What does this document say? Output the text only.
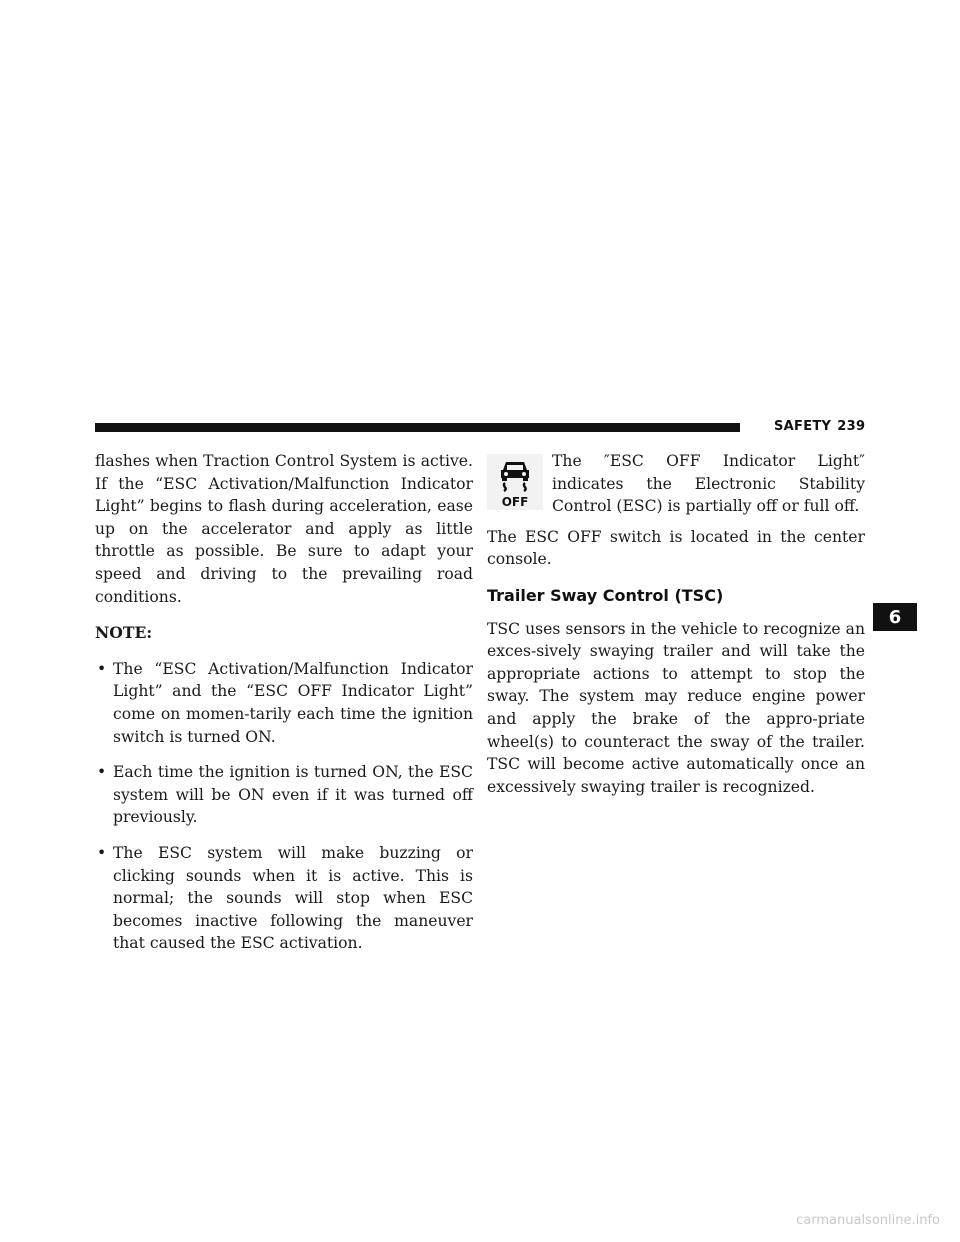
SAFETY 239

flashes when Traction Control System is active. If the “ESC Activation/Malfunction Indicator Light” begins to flash during acceleration, ease up on the accelerator and apply as little throttle as possible. Be sure to adapt your speed and driving to the prevailing road conditions.

NOTE:

• The “ESC Activation/Malfunction Indicator Light” and the “ESC OFF Indicator Light” come on momen-tarily each time the ignition switch is turned ON.
• Each time the ignition is turned ON, the ESC system will be ON even if it was turned off previously.
• The ESC system will make buzzing or clicking sounds when it is active. This is normal; the sounds will stop when ESC becomes inactive following the maneuver that caused the ESC activation.
OFF
The ″ESC OFF Indicator Light″ indicates the Electronic Stability Control (ESC) is partially off or full off.

The ESC OFF switch is located in the center console.

Trailer Sway Control (TSC)

TSC uses sensors in the vehicle to recognize an exces-sively swaying trailer and will take the appropriate actions to attempt to stop the sway. The system may reduce engine power and apply the brake of the appro-priate wheel(s) to counteract the sway of the trailer. TSC will become active automatically once an excessively swaying trailer is recognized.

6
carmanualsonline.info
